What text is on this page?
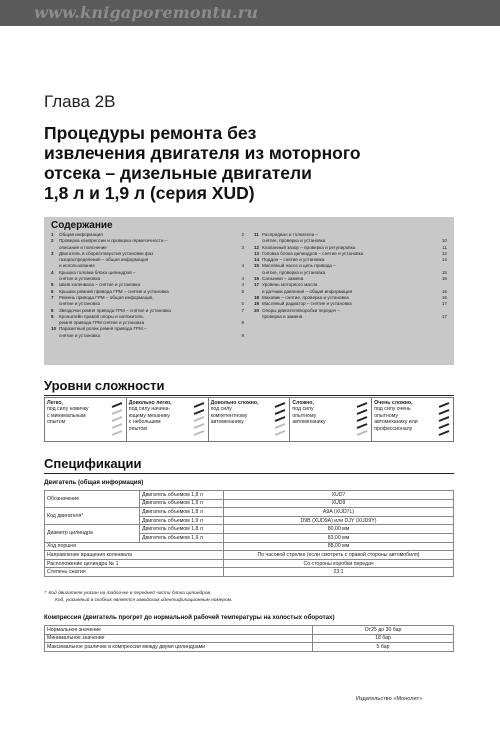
www.knigaporemontu.ru
Глава 2В
Процедуры ремонта без
извлечения двигателя из моторного
отсека – дизельные двигатели
1,8 л и 1,9 л (серия XUD)
Содержание
1	Общая информация	2
2	Проверка компрессии и проверка герметичности –
описание и пояснение	3
3	Двигатель в сборе/отверстия установки фаз
газораспределения – общая информация
и использование	4
4	Крышка головки блока цилиндров –
снятие и установка	4
5	Шкив коленвала – снятие и установка	4
6	Крышки ремней привода ГРМ – снятие и установка	5
7	Ремень привода ГРМ – общая информация,
снятие и установка	5
8	Звездочки ремня привода ГРМ – снятие и установка	7
9	Кронштейн правой опоры и натяжитель
ремня привода ГРМ снятие и установка	8
10 Паразитный ролик ремня привода ГРМ –
снятие и установка	9
11 Распредвал и толкатели –
снятие, проверка и установка	10
12 Клапанный зазор – проверка и регулировка	11
13 Головка блока цилиндров – снятие и установка	12
14 Поддон – снятие и установка	14
15 Масляный насос и цепь привода –
снятие, проверка и установка	15
16 Сальники – замена	16
17 Уровень моторного масла
и датчики давления – общая информация	16
18 Маховик – снятие, проверка и установка	16
19 Масляный радиатор – снятие и установка	17
20 Опоры двигателя/коробки передач –
проверка и замена	17
Уровни сложности
Легко,
под силу новичку
с минимальным
опытом
Довольно легко,
под силу начина-
ющему механику
с небольшим
опытом
Довольно сложно,
под силу
компетентному
автомеханику
Сложно,
под силу
опытному
автомеханику
Очень сложно,
под силу очень
опытному
автомеханику или
профессионалу
Спецификации
Двигатель (общая информация)
Обозначение	Двигатель объемом 1,8 л	XUD7
	Двигатель объемом 1,9 л	XUD9
Код двигателя*	Двигатель объемом 1,8 л	A9A (XUD7L)
	Двигатель объемом 1,9 л	D9B (XUD9A) или DJY (XUD9Y)
Диаметр цилиндра	Двигатель объемом 1,8 л	80,00 мм
	Двигатель объемом 1,9 л	83,00 мм
Ход поршня		88,00 мм
Направление вращения коленвала		По часовой стрелке (если смотреть с правой стороны автомобиля)
Расположение цилиндра № 1		Со стороны коробки передач
Степень сжатия		23:1
*: Код двигателя указан на табличке в передней части блока цилиндров.
Код, указанный в скобках является заводским идентификационным номером.
Компрессия (двигатель прогрет до нормальной рабочей температуры на холостых оборотах)
Нормальное значение	От25 до 30 бар
Минимальное значение	18 бар
Максимальное различие в компрессии между двумя цилиндрами	5 бар
Издательство «Монолит»
